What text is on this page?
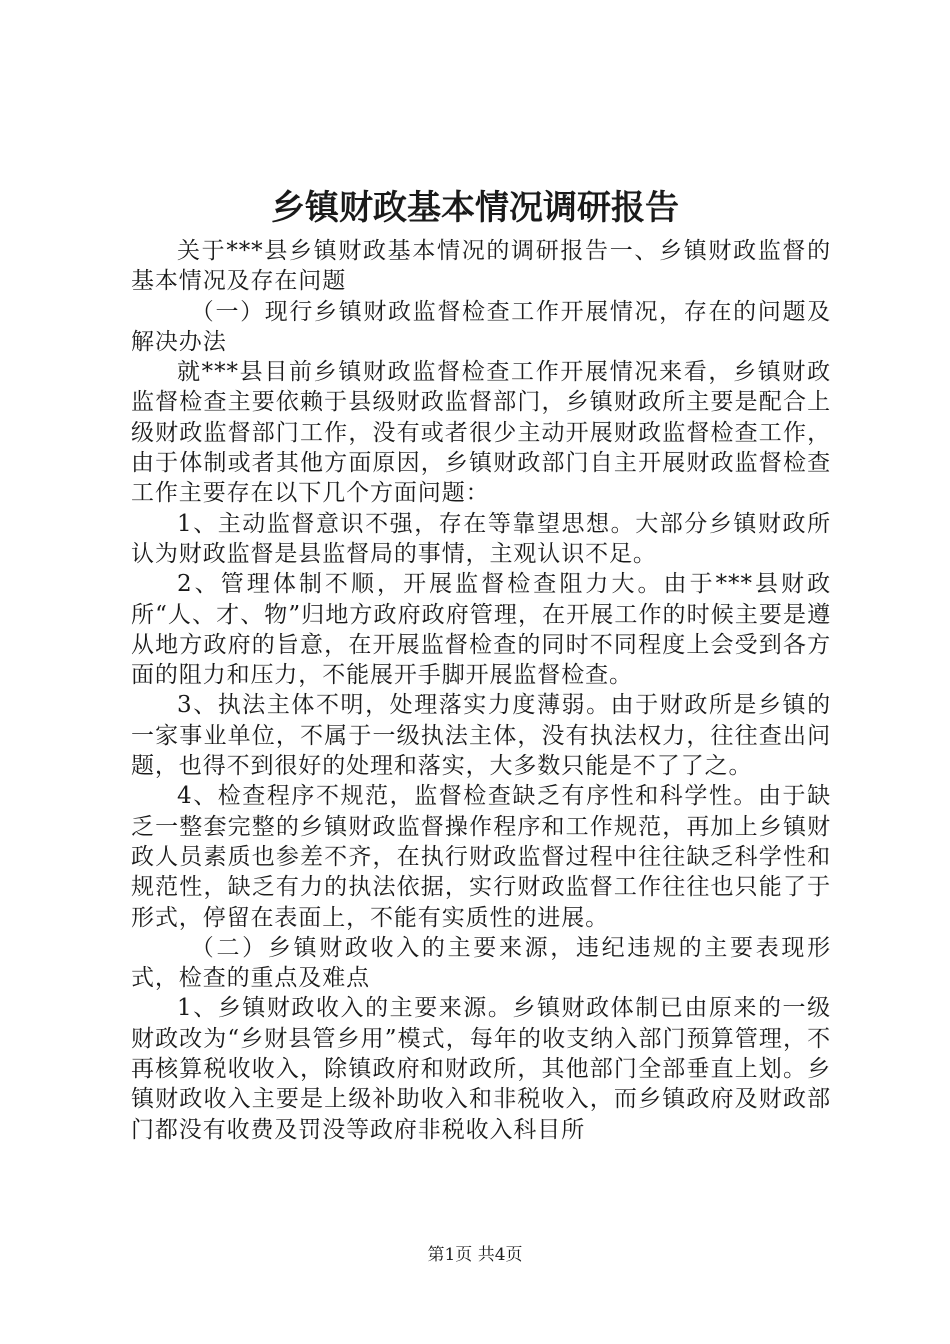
乡镇财政基本情况调研报告

关于***县乡镇财政基本情况的调研报告一、乡镇财政监督的基本情况及存在问题

（一）现行乡镇财政监督检查工作开展情况，存在的问题及解决办法

就***县目前乡镇财政监督检查工作开展情况来看，乡镇财政监督检查主要依赖于县级财政监督部门，乡镇财政所主要是配合上级财政监督部门工作，没有或者很少主动开展财政监督检查工作，由于体制或者其他方面原因，乡镇财政部门自主开展财政监督检查工作主要存在以下几个方面问题：

1、主动监督意识不强，存在等靠望思想。大部分乡镇财政所认为财政监督是县监督局的事情，主观认识不足。

2、管理体制不顺，开展监督检查阻力大。由于***县财政所“人、才、物”归地方政府政府管理，在开展工作的时候主要是遵从地方政府的旨意，在开展监督检查的同时不同程度上会受到各方面的阻力和压力，不能展开手脚开展监督检查。

3、执法主体不明，处理落实力度薄弱。由于财政所是乡镇的一家事业单位，不属于一级执法主体，没有执法权力，往往查出问题，也得不到很好的处理和落实，大多数只能是不了了之。

4、检查程序不规范，监督检查缺乏有序性和科学性。由于缺乏一整套完整的乡镇财政监督操作程序和工作规范，再加上乡镇财政人员素质也参差不齐，在执行财政监督过程中往往缺乏科学性和规范性，缺乏有力的执法依据，实行财政监督工作往往也只能了于形式，停留在表面上，不能有实质性的进展。

（二）乡镇财政收入的主要来源，违纪违规的主要表现形式，检查的重点及难点

1、乡镇财政收入的主要来源。乡镇财政体制已由原来的一级财政改为“乡财县管乡用”模式，每年的收支纳入部门预算管理，不再核算税收收入，除镇政府和财政所，其他部门全部垂直上划。乡镇财政收入主要是上级补助收入和非税收入，而乡镇政府及财政部门都没有收费及罚没等政府非税收入科目所

第1页 共4页
